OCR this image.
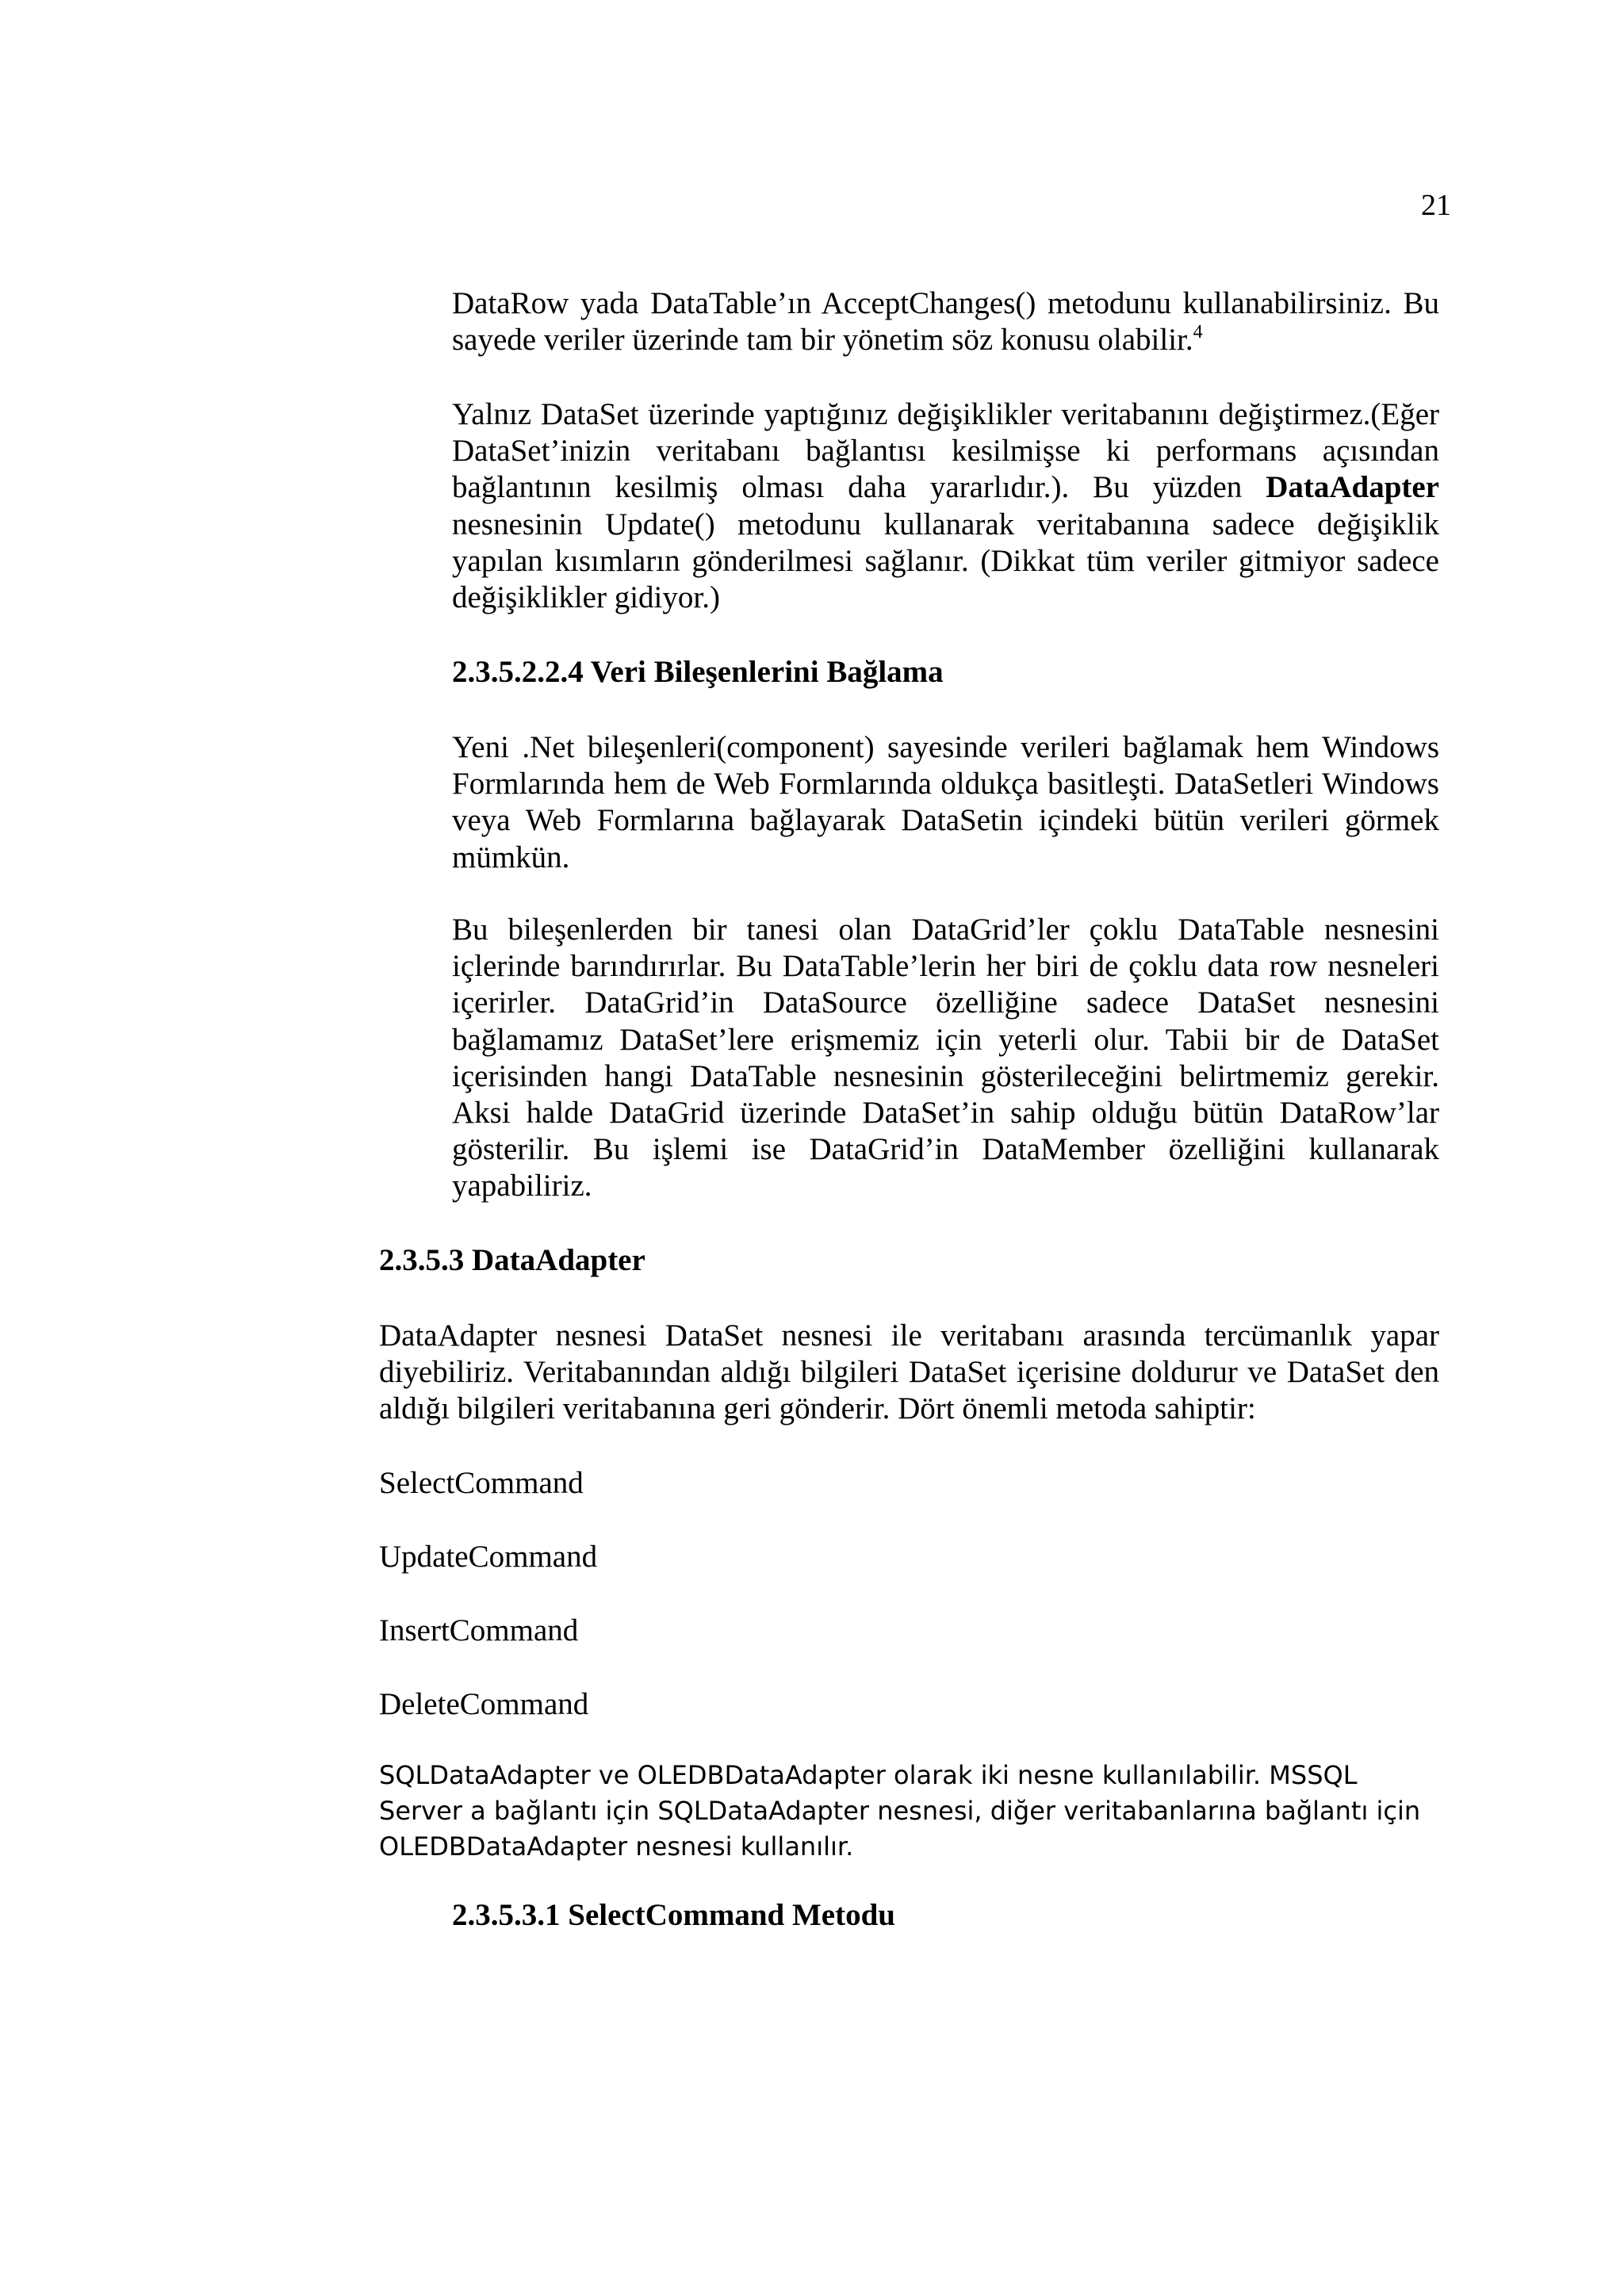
21

DataRow yada DataTable’ın AcceptChanges() metodunu kullanabilirsiniz. Bu sayede veriler üzerinde tam bir yönetim söz konusu olabilir.$^4$

Yalnız DataSet üzerinde yaptığınız değişiklikler veritabanını değiştirmez.(Eğer DataSet’inizin veritabanı bağlantısı kesilmişse ki performans açısından bağlantının kesilmiş olması daha yararlıdır.). Bu yüzden DataAdapter nesnesinin Update() metodunu kullanarak veritabanına sadece değişiklik yapılan kısımların gönderilmesi sağlanır. (Dikkat tüm veriler gitmiyor sadece değişiklikler gidiyor.)

2.3.5.2.2.4 Veri Bileşenlerini Bağlama

Yeni .Net bileşenleri(component) sayesinde verileri bağlamak hem Windows Formlarında hem de Web Formlarında oldukça basitleşti. DataSetleri Windows veya Web Formlarına bağlayarak DataSetin içindeki bütün verileri görmek mümkün.

Bu bileşenlerden bir tanesi olan DataGrid’ler çoklu DataTable nesnesini içlerinde barındırırlar. Bu DataTable’lerin her biri de çoklu data row nesneleri içerirler. DataGrid’in DataSource özelliğine sadece DataSet nesnesini bağlamamız DataSet’lere erişmemiz için yeterli olur. Tabii bir de DataSet içerisinden hangi DataTable nesnesinin gösterileceğini belirtmemiz gerekir. Aksi halde DataGrid üzerinde DataSet’in sahip olduğu bütün DataRow’lar gösterilir. Bu işlemi ise DataGrid’in DataMember özelliğini kullanarak yapabiliriz.

2.3.5.3 DataAdapter

DataAdapter nesnesi DataSet nesnesi ile veritabanı arasında tercümanlık yapar diyebiliriz. Veritabanından aldığı bilgileri DataSet içerisine doldurur ve DataSet den aldığı bilgileri veritabanına geri gönderir. Dört önemli metoda sahiptir:

SelectCommand
UpdateCommand
InsertCommand
DeleteCommand

SQLDataAdapter ve OLEDBDataAdapter olarak iki nesne kullanılabilir. MSSQL Server a bağlantı için SQLDataAdapter nesnesi, diğer veritabanlarına bağlantı için OLEDBDataAdapter nesnesi kullanılır.

2.3.5.3.1 SelectCommand Metodu
